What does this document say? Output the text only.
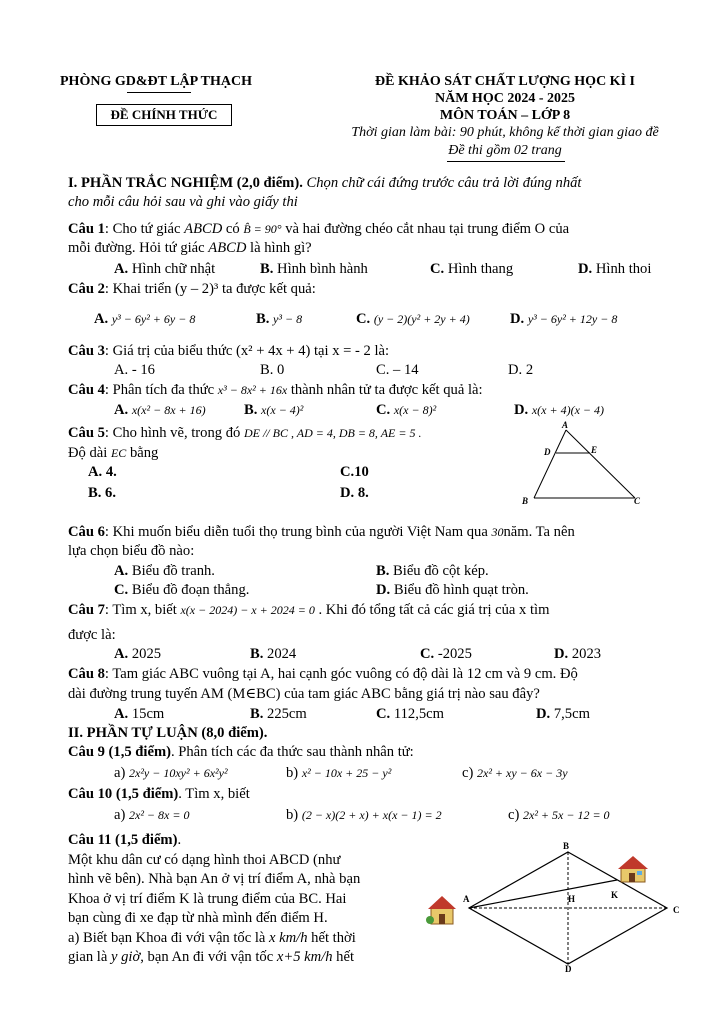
PHÒNG GD&ĐT LẬP THẠCH
ĐỀ CHÍNH THỨC
ĐỀ KHẢO SÁT CHẤT LƯỢNG HỌC KÌ I
NĂM HỌC 2024 - 2025
MÔN TOÁN – LỚP 8
Thời gian làm bài: 90 phút, không kể thời gian giao đề
Đề thi gồm 02 trang
I. PHẦN TRẮC NGHIỆM (2,0 điểm). Chọn chữ cái đứng trước câu trả lời đúng nhất
cho mỗi câu hỏi sau và ghi vào giấy thi
Câu 1: Cho tứ giác ABCD có B̂ = 90° và hai đường chéo cắt nhau tại trung điểm O của
mỗi đường. Hỏi tứ giác ABCD là hình gì?
A. Hình chữ nhật	B. Hình bình hành	C. Hình thang	D. Hình thoi
Câu 2: Khai triển (y – 2)³ ta được kết quả:
A. y³ − 6y² + 6y − 8	B. y³ − 8	C. (y − 2)(y² + 2y + 4)	D. y³ − 6y² + 12y − 8
Câu 3: Giá trị của biểu thức (x² + 4x + 4) tại x = - 2 là:
A. - 16	B. 0	C. – 14	D. 2
Câu 4: Phân tích đa thức x³ − 8x² + 16x thành nhân tử ta được kết quả là:
A. x(x² − 8x + 16)	B. x(x − 4)²	C. x(x − 8)²	D. x(x + 4)(x − 4)
Câu 5: Cho hình vẽ, trong đó DE // BC , AD = 4, DB = 8, AE = 5 .
Độ dài EC bằng
A. 4.	C.10
B. 6.	D. 8.
A
D	E
B	C
Câu 6: Khi muốn biểu diễn tuổi thọ trung bình của người Việt Nam qua 30năm. Ta nên
lựa chọn biểu đồ nào:
A. Biểu đồ tranh.	B. Biểu đồ cột kép.
C. Biểu đồ đoạn thẳng.	D. Biểu đồ hình quạt tròn.
Câu 7: Tìm x, biết x(x − 2024) − x + 2024 = 0 . Khi đó tổng tất cả các giá trị của x tìm
được là:
A. 2025	B. 2024	C. -2025	D. 2023
Câu 8: Tam giác ABC vuông tại A, hai cạnh góc vuông có độ dài là 12 cm và 9 cm. Độ
dài đường trung tuyến AM (M∈BC) của tam giác ABC bằng giá trị nào sau đây?
A. 15cm	B. 225cm	C. 112,5cm	D. 7,5cm
II. PHẦN TỰ LUẬN (8,0 điểm).
Câu 9 (1,5 điểm). Phân tích các đa thức sau thành nhân tử:
a) 2x²y − 10xy² + 6x²y²	b) x² − 10x + 25 − y²	c) 2x² + xy − 6x − 3y
Câu 10 (1,5 điểm). Tìm x, biết
a) 2x² − 8x = 0	b) (2 − x)(2 + x) + x(x − 1) = 2	c) 2x² + 5x − 12 = 0
Câu 11 (1,5 điểm).
Một khu dân cư có dạng hình thoi ABCD (như
hình vẽ bên). Nhà bạn An ở vị trí điểm A, nhà bạn
Khoa ở vị trí điểm K là trung điểm của BC. Hai
bạn cùng đi xe đạp từ nhà mình đến điểm H.
a) Biết bạn Khoa đi với vận tốc là x km/h hết thời
gian là y giờ, bạn An đi với vận tốc x+5 km/h hết
B
C
D
A	H	K
